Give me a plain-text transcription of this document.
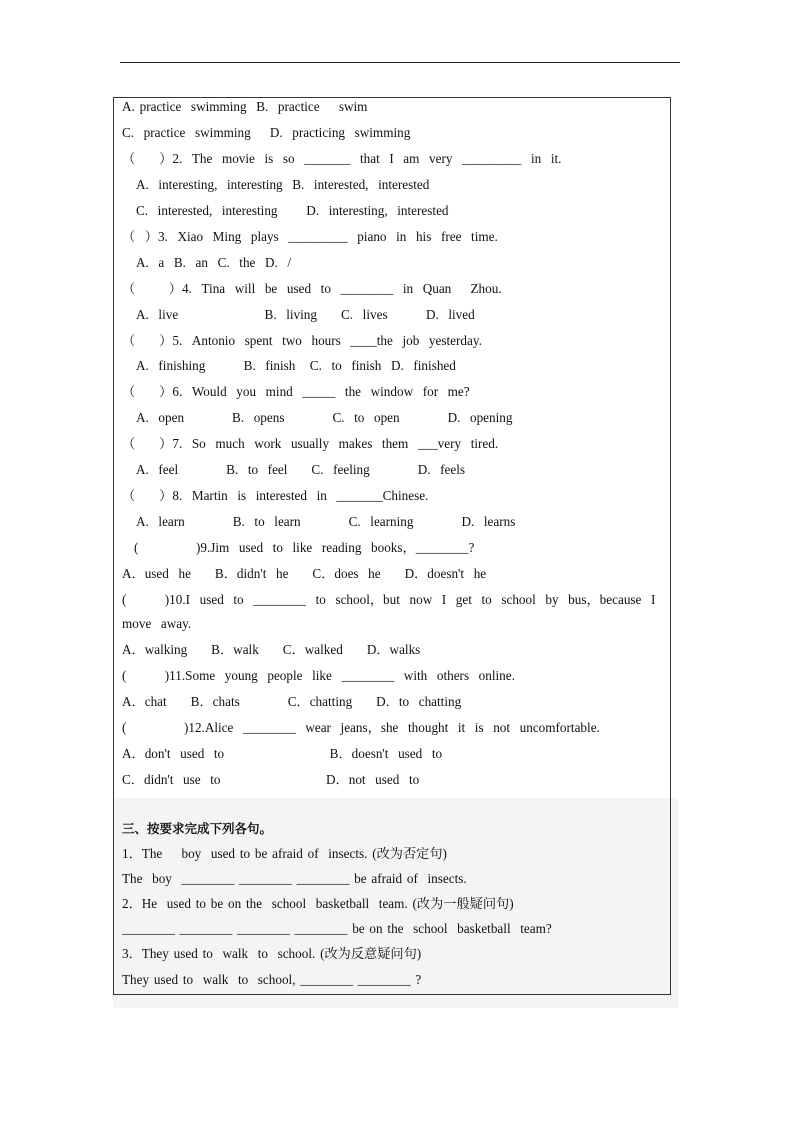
A. practice  swimming  B.  practice    swim
C.  practice  swimming    D.  practicing  swimming
（     ）2.  The  movie  is  so  _______  that  I  am  very  _________  in  it.
A.  interesting,  interesting  B.  interested,  interested
C.  interested,  interesting      D.  interesting,  interested
（  ）3.  Xiao  Ming  plays  _________  piano  in  his  free  time.
A.  a  B.  an  C.  the  D.  /
（       ）4.  Tina  will  be  used  to  ________  in  Quan    Zhou.
A.  live                  B.  living     C.  lives        D.  lived
（     ）5.  Antonio  spent  two  hours  ____the  job  yesterday.
A.  finishing        B.  finish   C.  to  finish  D.  finished
（     ）6.  Would  you  mind  _____  the  window  for  me?
A.  open          B.  opens          C.  to  open          D.  opening
（     ）7.  So  much  work  usually  makes  them  ___very  tired.
A.  feel          B.  to  feel     C.  feeling          D.  feels
（     ）8.  Martin  is  interested  in  _______Chinese.
A.  learn          B.  to  learn          C.  learning          D.  learns
(            )9.Jim  used  to  like  reading  books，________?
A．used  he     B．didn't  he     C．does  he     D．doesn't  he
(        )10.I  used  to  ________  to  school，but  now  I  get  to  school  by  bus，because  I
move  away.
A．walking     B．walk     C．walked     D．walks
(        )11.Some  young  people  like  ________  with  others  online.
A．chat     B．chats          C．chatting     D．to  chatting
(            )12.Alice  ________  wear  jeans，she  thought  it  is  not  uncomfortable.
A．don't  used  to                      B．doesn't  used  to
C．didn't  use  to                      D．not  used  to
三、按要求完成下列各句。
1．The    boy  used to be afraid of  insects. (改为否定句)
The  boy  ________ ________ ________ be afraid of  insects.
2．He  used to be on the  school  basketball  team. (改为一般疑问句)
________ ________ ________ ________ be on the  school  basketball  team?
3．They used to  walk  to  school. (改为反意疑问句)
They used to  walk  to  school, ________ ________ ?
